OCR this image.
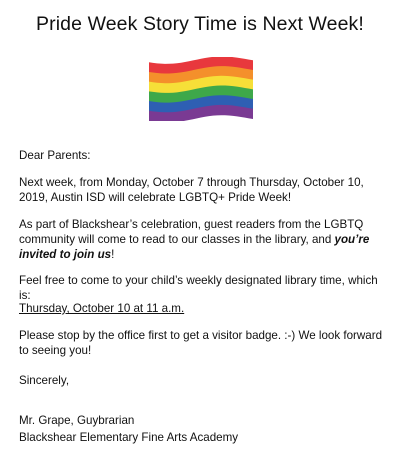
Pride Week Story Time is Next Week!
Dear Parents:
Next week, from Monday, October 7 through Thursday, October 10, 2019, Austin ISD will celebrate LGBTQ+ Pride Week!
As part of Blackshear’s celebration, guest readers from the LGBTQ community will come to read to our classes in the library, and you’re invited to join us!
Feel free to come to your child’s weekly designated library time, which is:
Thursday, October 10 at 11 a.m.
Please stop by the office first to get a visitor badge. :-) We look forward to seeing you!
Sincerely,
Mr. Grape, Guybrarian
Blackshear Elementary Fine Arts Academy
